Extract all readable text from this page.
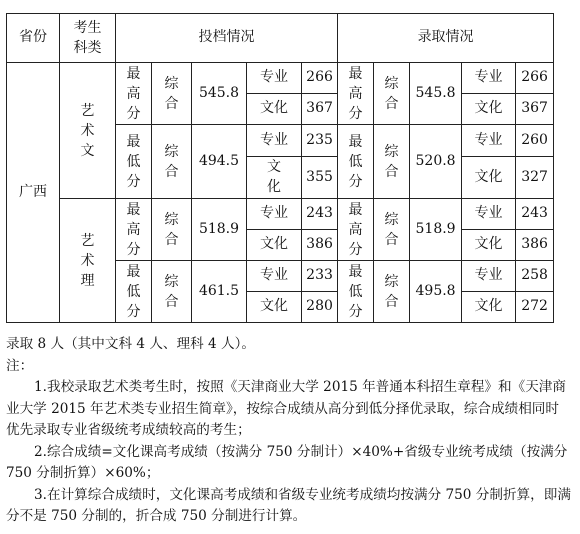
省份	考生科类	投档情况					录取情况				
广西	艺术文	最高分	综合	545.8	专业	266	最高分	综合	545.8	专业	266
					文化	367				文化	367
		最低分	综合	494.5	专业	235	最低分	综合	520.8	专业	260
					文化	355				文化	327
	艺术理	最高分	综合	518.9	专业	243	最高分	综合	518.9	专业	243
					文化	386				文化	386
		最低分	综合	461.5	专业	233	最低分	综合	495.8	专业	258
					文化	280				文化	272

录取 8 人（其中文科 4 人、理科 4 人）。

注：

1.我校录取艺术类考生时，按照《天津商业大学 2015 年普通本科招生章程》和《天津商业大学 2015 年艺术类专业招生简章》，按综合成绩从高分到低分择优录取，综合成绩相同时优先录取专业省级统考成绩较高的考生；

2.综合成绩=文化课高考成绩（按满分 750 分制计）×40%+省级专业统考成绩（按满分 750 分制折算）×60%；

3.在计算综合成绩时，文化课高考成绩和省级专业统考成绩均按满分 750 分制折算，即满分不是 750 分制的，折合成 750 分制进行计算。
